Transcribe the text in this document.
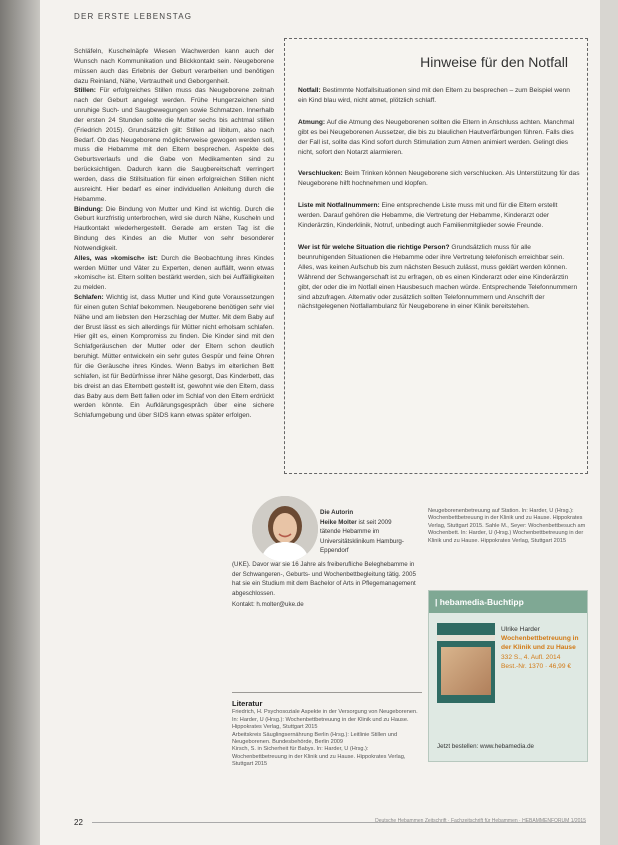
DER ERSTE LEBENSTAG

Schläfeln, Kuschelnäpfe Wiesen Wachwerden kann auch der Wunsch nach Kommunikation und Blickkontakt sein. Neugeborene müssen auch das Erlebnis der Geburt verarbeiten und benötigen dazu Reinland, Nähe, Vertrautheit und Geborgenheit.

Stillen: Für erfolgreiches Stillen muss das Neugeborene zeitnah nach der Geburt angelegt werden. Frühe Hungerzeichen sind unruhige Such- und Saugbewegungen sowie Schmatzen. Innerhalb der ersten 24 Stunden sollte die Mutter sechs bis achtmal stillen (Friedrich 2015). Grundsätzlich gilt: Stillen ad libitum, also nach Bedarf. Ob das Neugeborene möglicherweise gewogen werden soll, muss die Hebamme mit den Eltern besprechen. Aspekte des Geburtsverlaufs und die Gabe von Medikamenten sind zu berücksichtigen. Dadurch kann die Saugbereitschaft verringert werden, dass die Stillsituation für einen erfolgreichen Stillen nicht ausreicht. Hier bedarf es einer individuellen Anleitung durch die Hebamme.

Bindung: Die Bindung von Mutter und Kind ist wichtig. Durch die Geburt kurzfristig unterbrochen, wird sie durch Nähe, Kuscheln und Hautkontakt wiederhergestellt. Gerade am ersten Tag ist die Bindung des Kindes an die Mutter von sehr besonderer Notwendigkeit.

Alles, was »komisch« ist: Durch die Beobachtung ihres Kindes werden Mütter und Väter zu Experten, denen auffällt, wenn etwas »komisch« ist. Eltern sollten bestärkt werden, sich bei Auffälligkeiten zu melden.

Schlafen: Wichtig ist, dass Mutter und Kind gute Voraussetzungen für einen guten Schlaf bekommen. Neugeborene benötigen sehr viel Nähe und am liebsten den Herzschlag der Mutter. Mit dem Baby auf der Brust lässt es sich allerdings für Mütter nicht erholsam schlafen. Hier gilt es, einen Kompromiss zu finden. Die Kinder sind mit den Schlafgeräuschen der Mutter oder der Eltern schon deutlich beruhigt. Mütter entwickeln ein sehr gutes Gespür und feine Ohren für die Geräusche ihres Kindes. Wenn Babys im elterlichen Bett schlafen, ist für Bedürfnisse ihrer Nähe gesorgt, Das Kinderbett, das bis dreist an das Elternbett gestellt ist, gewohnt wie den Eltern, dass das Baby aus dem Bett fallen oder im Schlaf von den Eltern erdrückt werden könnte. Ein Aufklärungsgespräch über eine sichere Schlafumgebung und über SIDS kann etwas später erfolgen.

Hinweise für den Notfall

Notfall: Bestimmte Notfallsituationen sind mit den Eltern zu besprechen – zum Beispiel wenn ein Kind blau wird, nicht atmet, plötzlich schlaff.

Atmung: Auf die Atmung des Neugeborenen sollten die Eltern in Anschluss achten. Manchmal gibt es bei Neugeborenen Aussetzer, die bis zu blaulichen Hautverfärbungen führen. Falls dies der Fall ist, sollte das Kind sofort durch Stimulation zum Atmen animiert werden. Gelingt dies nicht, sofort den Notarzt alarmieren.

Verschlucken: Beim Trinken können Neugeborene sich verschlucken. Als Unterstützung für das Neugeborene hilft hochnehmen und klopfen.

Liste mit Notfallnummern: Eine entsprechende Liste muss mit und für die Eltern erstellt werden. Darauf gehören die Hebamme, die Vertretung der Hebamme, Kinderarzt oder Kinderärztin, Kinderklinik, Notruf, unbedingt auch Familienmitglieder sowie Freunde.

Wer ist für welche Situation die richtige Person? Grundsätzlich muss für alle beunruhigenden Situationen die Hebamme oder ihre Vertretung telefonisch erreichbar sein. Alles, was keinen Aufschub bis zum nächsten Besuch zulässt, muss geklärt werden können. Während der Schwangerschaft ist zu erfragen, ob es einen Kinderarzt oder eine Kinderärztin gibt, der oder die im Notfall einen Hausbesuch machen würde. Entsprechende Telefonnummern sind abzufragen. Alternativ oder zusätzlich sollten Telefonnummern und Anschrift der nächstgelegenen Notfallambulanz für Neugeborene in einer Klinik bereitstehen.

Die Autorin
Heike Molter ist seit 2009 tätende Hebamme im Universitätsklinikum Hamburg-Eppendorf
(UKE). Davor war sie 16 Jahre als freiberufliche Beleghebamme in der Schwangeren-, Geburts- und Wochenbettbegleitung tätig. 2005 hat sie ein Studium mit dem Bachelor of Arts in Pflegemanagement abgeschlossen.
Kontakt: h.molter@uke.de
Literatur
Friedrich, H. Psychosoziale Aspekte in der Versorgung von Neugeborenen. In: Harder, U (Hrsg.): Wochenbettbetreuung in der Klinik und zu Hause. Hippokrates Verlag, Stuttgart 2015
Arbeitskreis Säuglingsernährung Berlin (Hrsg.): Leitlinie Stillen und Neugeborenen. Bundesbehörde, Berlin 2009
Kirsch, S. in Sicherheit für Babys. In: Harder, U (Hrsg.): Wochenbettbetreuung in der Klinik und zu Hause. Hippokrates Verlag, Stuttgart 2015
Neugeborenenbetreuung auf Station. In: Harder, U (Hrsg.): Wochenbettbetreuung in der Klinik und zu Hause. Hippokrates Verlag, Stuttgart 2015. Sahle M., Seyer: Wochenbettbesuch am Wochenbett. In: Harder, U (Hrsg.) Wochenbettbetreuung in der Klinik und zu Hause. Hippokrates Verlag, Stuttgart 2015
| hebamedia-Buchtipp
Ulrike Harder
Wochenbettbetreuung in der Klinik und zu Hause
332 S., 4. Aufl. 2014
Best.-Nr. 1370 · 46,99 €
Jetzt bestellen: www.hebamedia.de
22	Deutsche Hebammen Zeitschrift · Fachzeitschrift für Hebammen · HEBAMMENFORUM 1/2015
